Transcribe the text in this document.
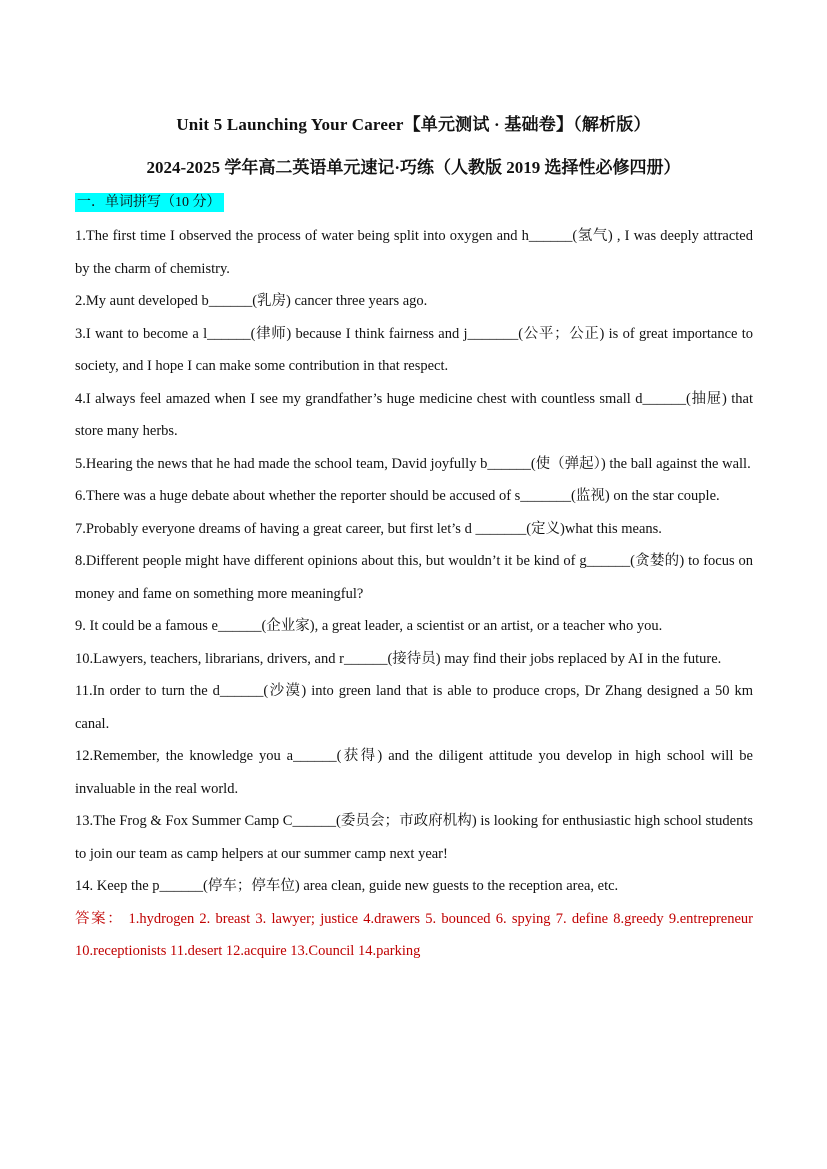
Unit 5 Launching Your Career【单元测试 · 基础卷】（解析版）
2024-2025 学年高二英语单元速记·巧练（人教版 2019 选择性必修四册）
一．单词拼写（10 分）

1.The first time I observed the process of water being split into oxygen and h______(氢气) , I was deeply attracted by the charm of chemistry.

2.My aunt developed b______(乳房) cancer three years ago.

3.I want to become a l______(律师) because I think fairness and j_______(公平；公正) is of great importance to society, and I hope I can make some contribution in that respect.

4.I always feel amazed when I see my grandfather’s huge medicine chest with countless small d______(抽屉) that store many herbs.

5.Hearing the news that he had made the school team, David joyfully b______(使（弹起）) the ball against the wall.

6.There was a huge debate about whether the reporter should be accused of s_______(监视) on the star couple.

7.Probably everyone dreams of having a great career, but first let’s d _______(定义)what this means.

8.Different people might have different opinions about this, but wouldn’t it be kind of g______(贪婪的) to focus on money and fame on something more meaningful?

9. It could be a famous e______(企业家), a great leader, a scientist or an artist, or a teacher who you.

10.Lawyers, teachers, librarians, drivers, and r______(接待员) may find their jobs replaced by AI in the future.

11.In order to turn the d______(沙漠) into green land that is able to produce crops, Dr Zhang designed a 50 km canal.

12.Remember, the knowledge you a______(获得) and the diligent attitude you develop in high school will be invaluable in the real world.

13.The Frog & Fox Summer Camp C______(委员会；市政府机构) is looking for enthusiastic high school students to join our team as camp helpers at our summer camp next year!

14. Keep the p______(停车；停车位) area clean, guide new guests to the reception area, etc.

答案： 1.hydrogen 2. breast 3. lawyer; justice 4.drawers 5. bounced 6. spying 7. define 8.greedy 9.entrepreneur 10.receptionists 11.desert 12.acquire 13.Council 14.parking
